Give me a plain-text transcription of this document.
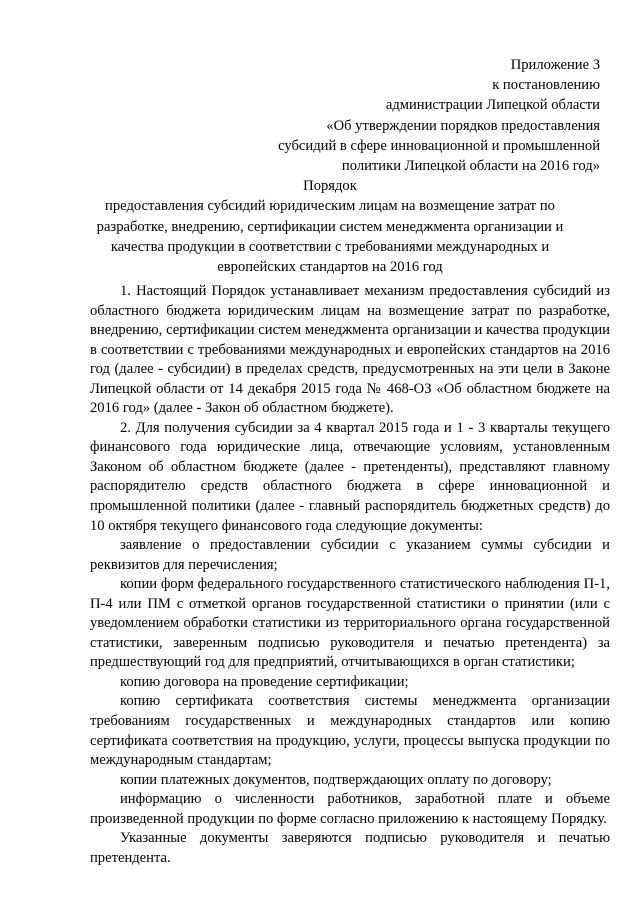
Приложение 3
к постановлению
администрации Липецкой области
«Об утверждении порядков предоставления
субсидий в сфере инновационной и промышленной
политики Липецкой области на 2016 год»
Порядок
предоставления субсидий юридическим лицам на возмещение затрат по
разработке, внедрению, сертификации систем менеджмента организации и
качества продукции в соответствии с требованиями международных и
европейских стандартов на 2016 год

1. Настоящий Порядок устанавливает механизм предоставления субсидий из областного бюджета юридическим лицам на возмещение затрат по разработке, внедрению, сертификации систем менеджмента организации и качества продукции в соответствии с требованиями международных и европейских стандартов на 2016 год (далее - субсидии) в пределах средств, предусмотренных на эти цели в Законе Липецкой области от 14 декабря 2015 года № 468-ОЗ «Об областном бюджете на 2016 год» (далее - Закон об областном бюджете).

2. Для получения субсидии за 4 квартал 2015 года и 1 - 3 кварталы текущего финансового года юридические лица, отвечающие условиям, установленным Законом об областном бюджете (далее - претенденты), представляют главному распорядителю средств областного бюджета в сфере инновационной и промышленной политики (далее - главный распорядитель бюджетных средств) до 10 октября текущего финансового года следующие документы:

заявление о предоставлении субсидии с указанием суммы субсидии и реквизитов для перечисления;

копии форм федерального государственного статистического наблюдения П-1, П-4 или ПМ с отметкой органов государственной статистики о принятии (или с уведомлением обработки статистики из территориального органа государственной статистики, заверенным подписью руководителя и печатью претендента) за предшествующий год для предприятий, отчитывающихся в орган статистики;

копию договора на проведение сертификации;

копию сертификата соответствия системы менеджмента организации требованиям государственных и международных стандартов или копию сертификата соответствия на продукцию, услуги, процессы выпуска продукции по международным стандартам;

копии платежных документов, подтверждающих оплату по договору;

информацию о численности работников, заработной плате и объеме произведенной продукции по форме согласно приложению к настоящему Порядку.

Указанные документы заверяются подписью руководителя и печатью претендента.
